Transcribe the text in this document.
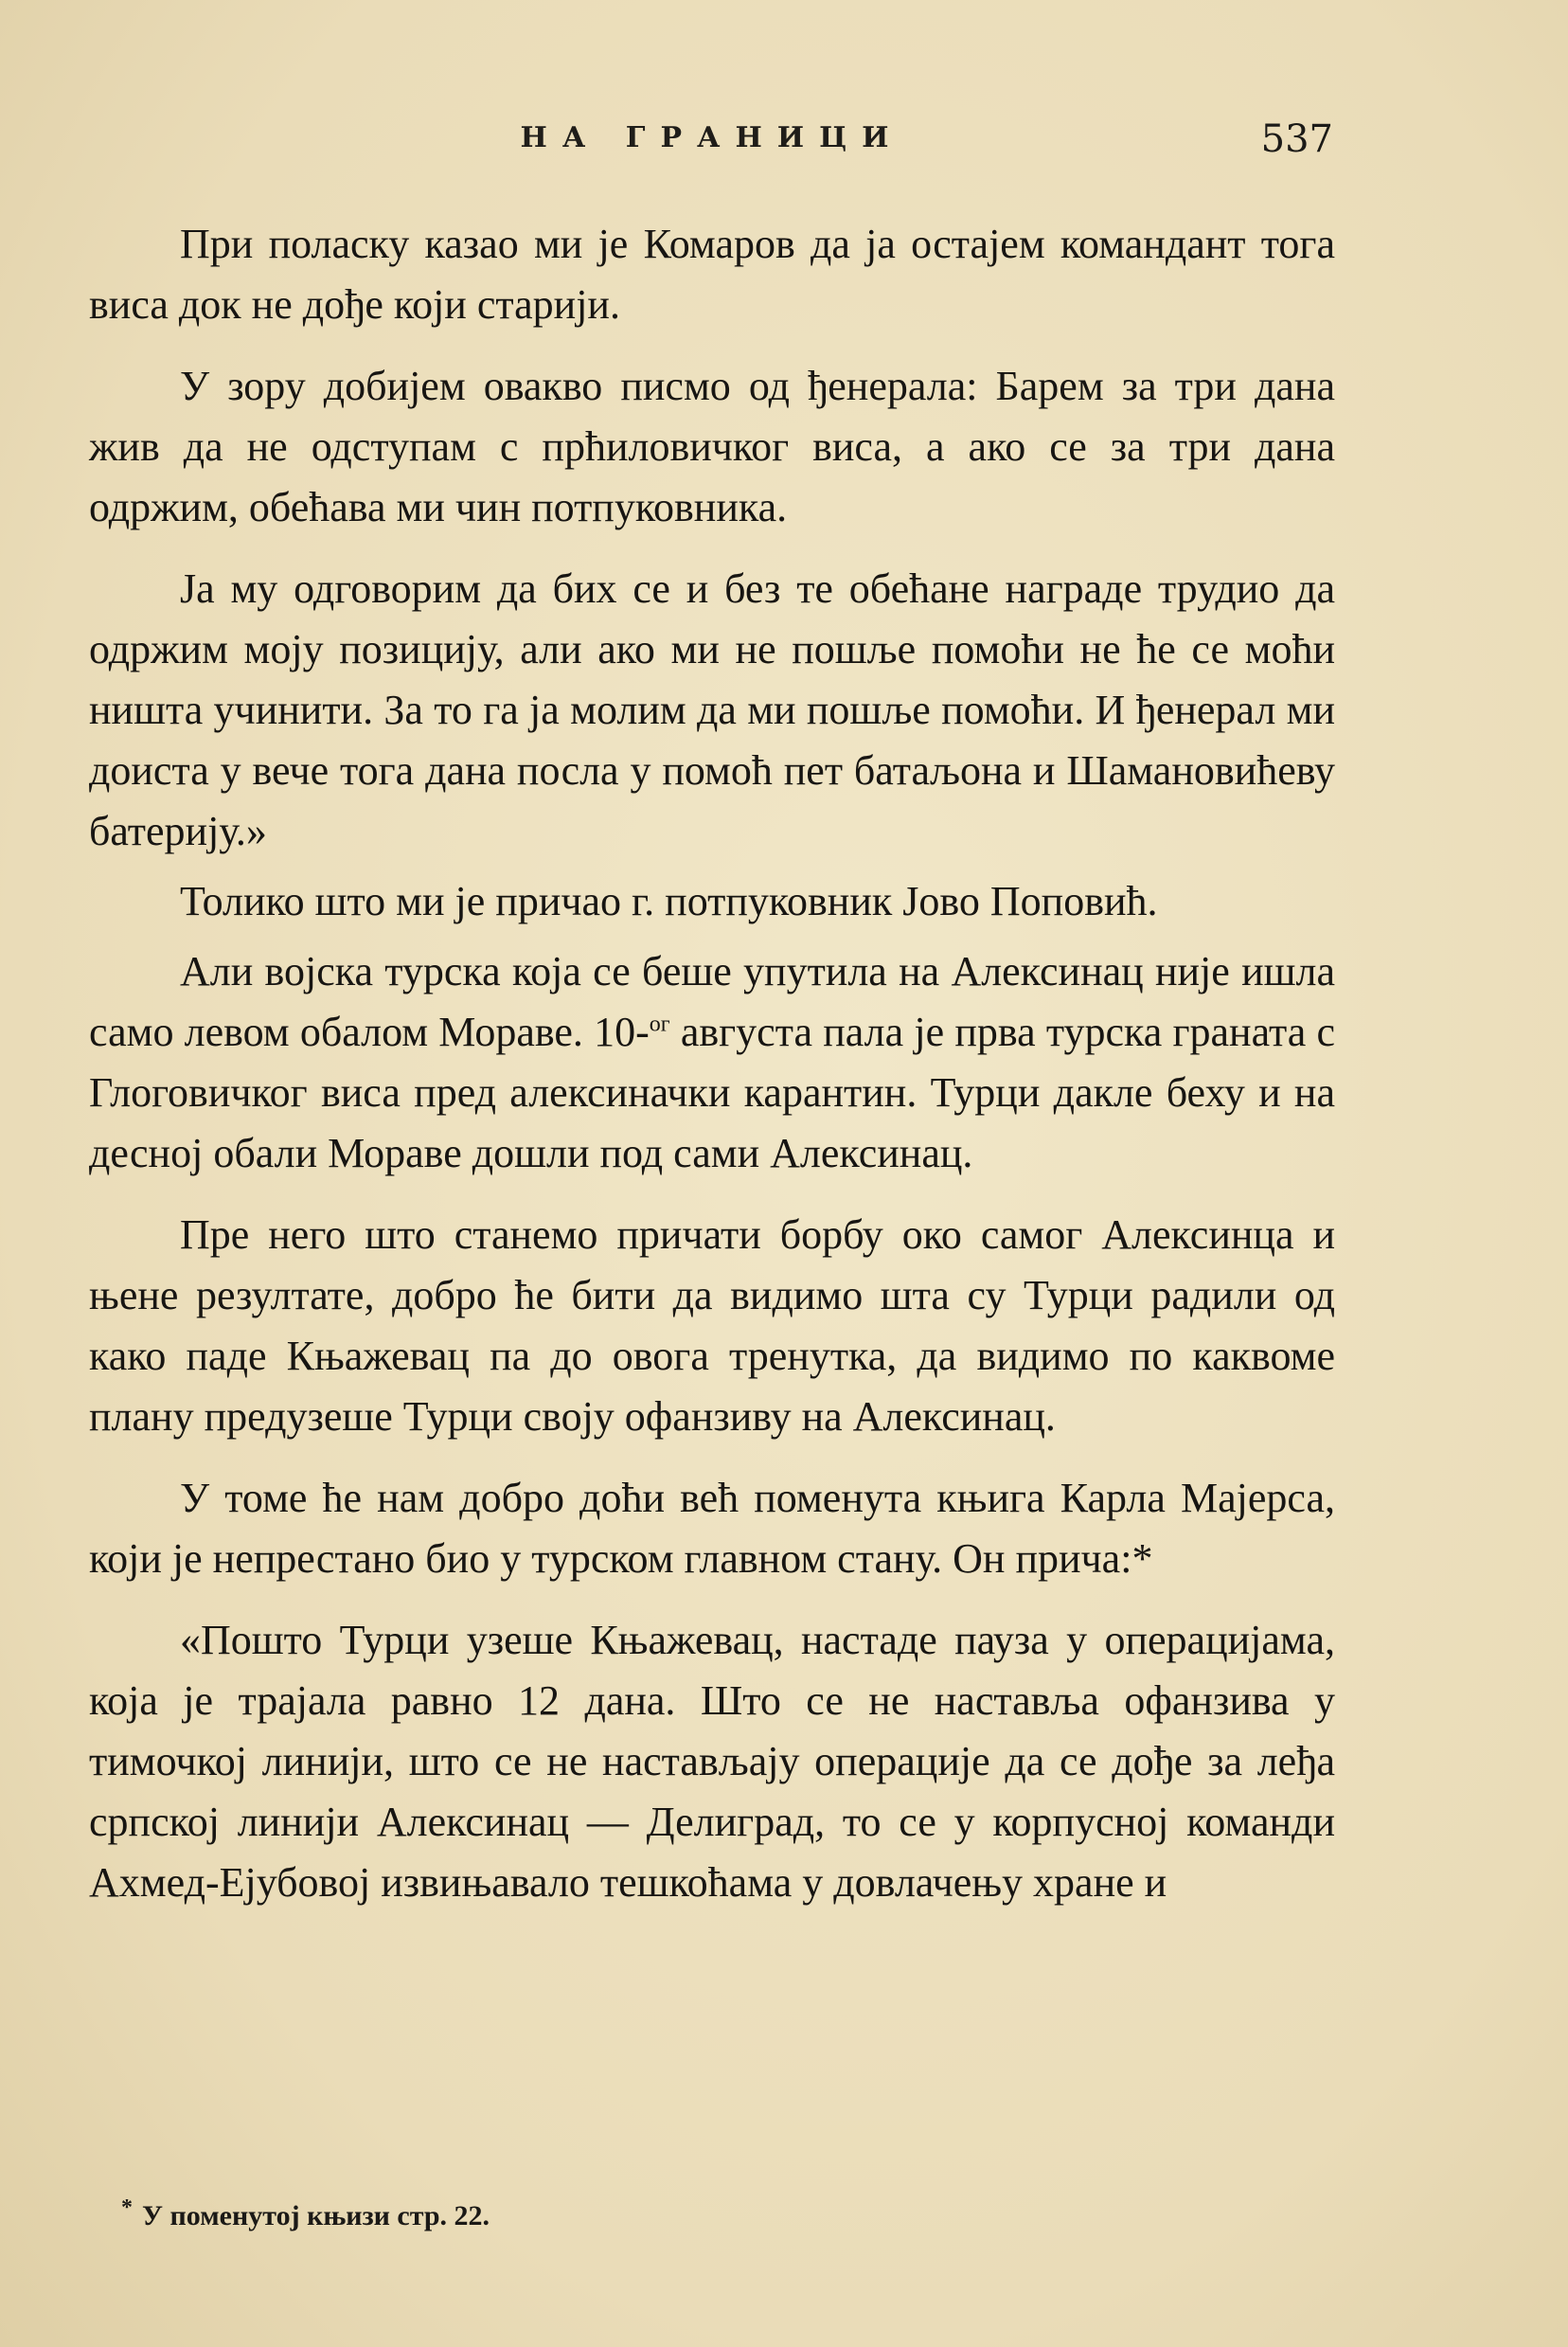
НА ГРАНИЦИ	537

При поласку казао ми је Комаров да ја остајем командант тога виса док не дође који старији.

У зору добијем овакво писмо од ђенерала: Барем за три дана жив да не одступам с прћиловичког виса, а ако се за три дана одржим, обећава ми чин потпуковника.

Ја му одговорим да бих се и без те обећане награде трудио да одржим моју позицију, али ако ми не пошље помоћи не ће се моћи ништа учинити. За то га ја молим да ми пошље помоћи. И ђенерал ми доиста у вече тога дана посла у помоћ пет батаљона и Шамановићеву батерију.»

Толико што ми је причао г. потпуковник Јово Поповић.

Али војска турска која се беше упутила на Алексинац није ишла само левом обалом Мораве. 10-$^{ог}$ августа пала је прва турска граната с Глоговичког виса пред алексиначки карантин. Турци дакле беху и на десној обали Мораве дошли под сами Алексинац.

Пре него што станемо причати борбу око самог Алексинца и њене резултате, добро ће бити да видимо шта су Турци радили од како паде Књажевац па до овога тренутка, да видимо по каквоме плану предузеше Турци своју офанзиву на Алексинац.

У томе ће нам добро доћи већ поменута књига Карла Мајерса, који је непрестано био у турском главном стану. Он прича:*

«Пошто Турци узеше Књажевац, настаде пауза у операцијама, која је трајала равно 12 дана. Што се не наставља офанзива у тимочкој линији, што се не настављају операције да се дође за леђа српској линији Алексинац — Делиград, то се у корпусној команди Ахмед-Ејубовој извињавало тешкоћама у довлачењу хране и

* У поменутој књизи стр. 22.
